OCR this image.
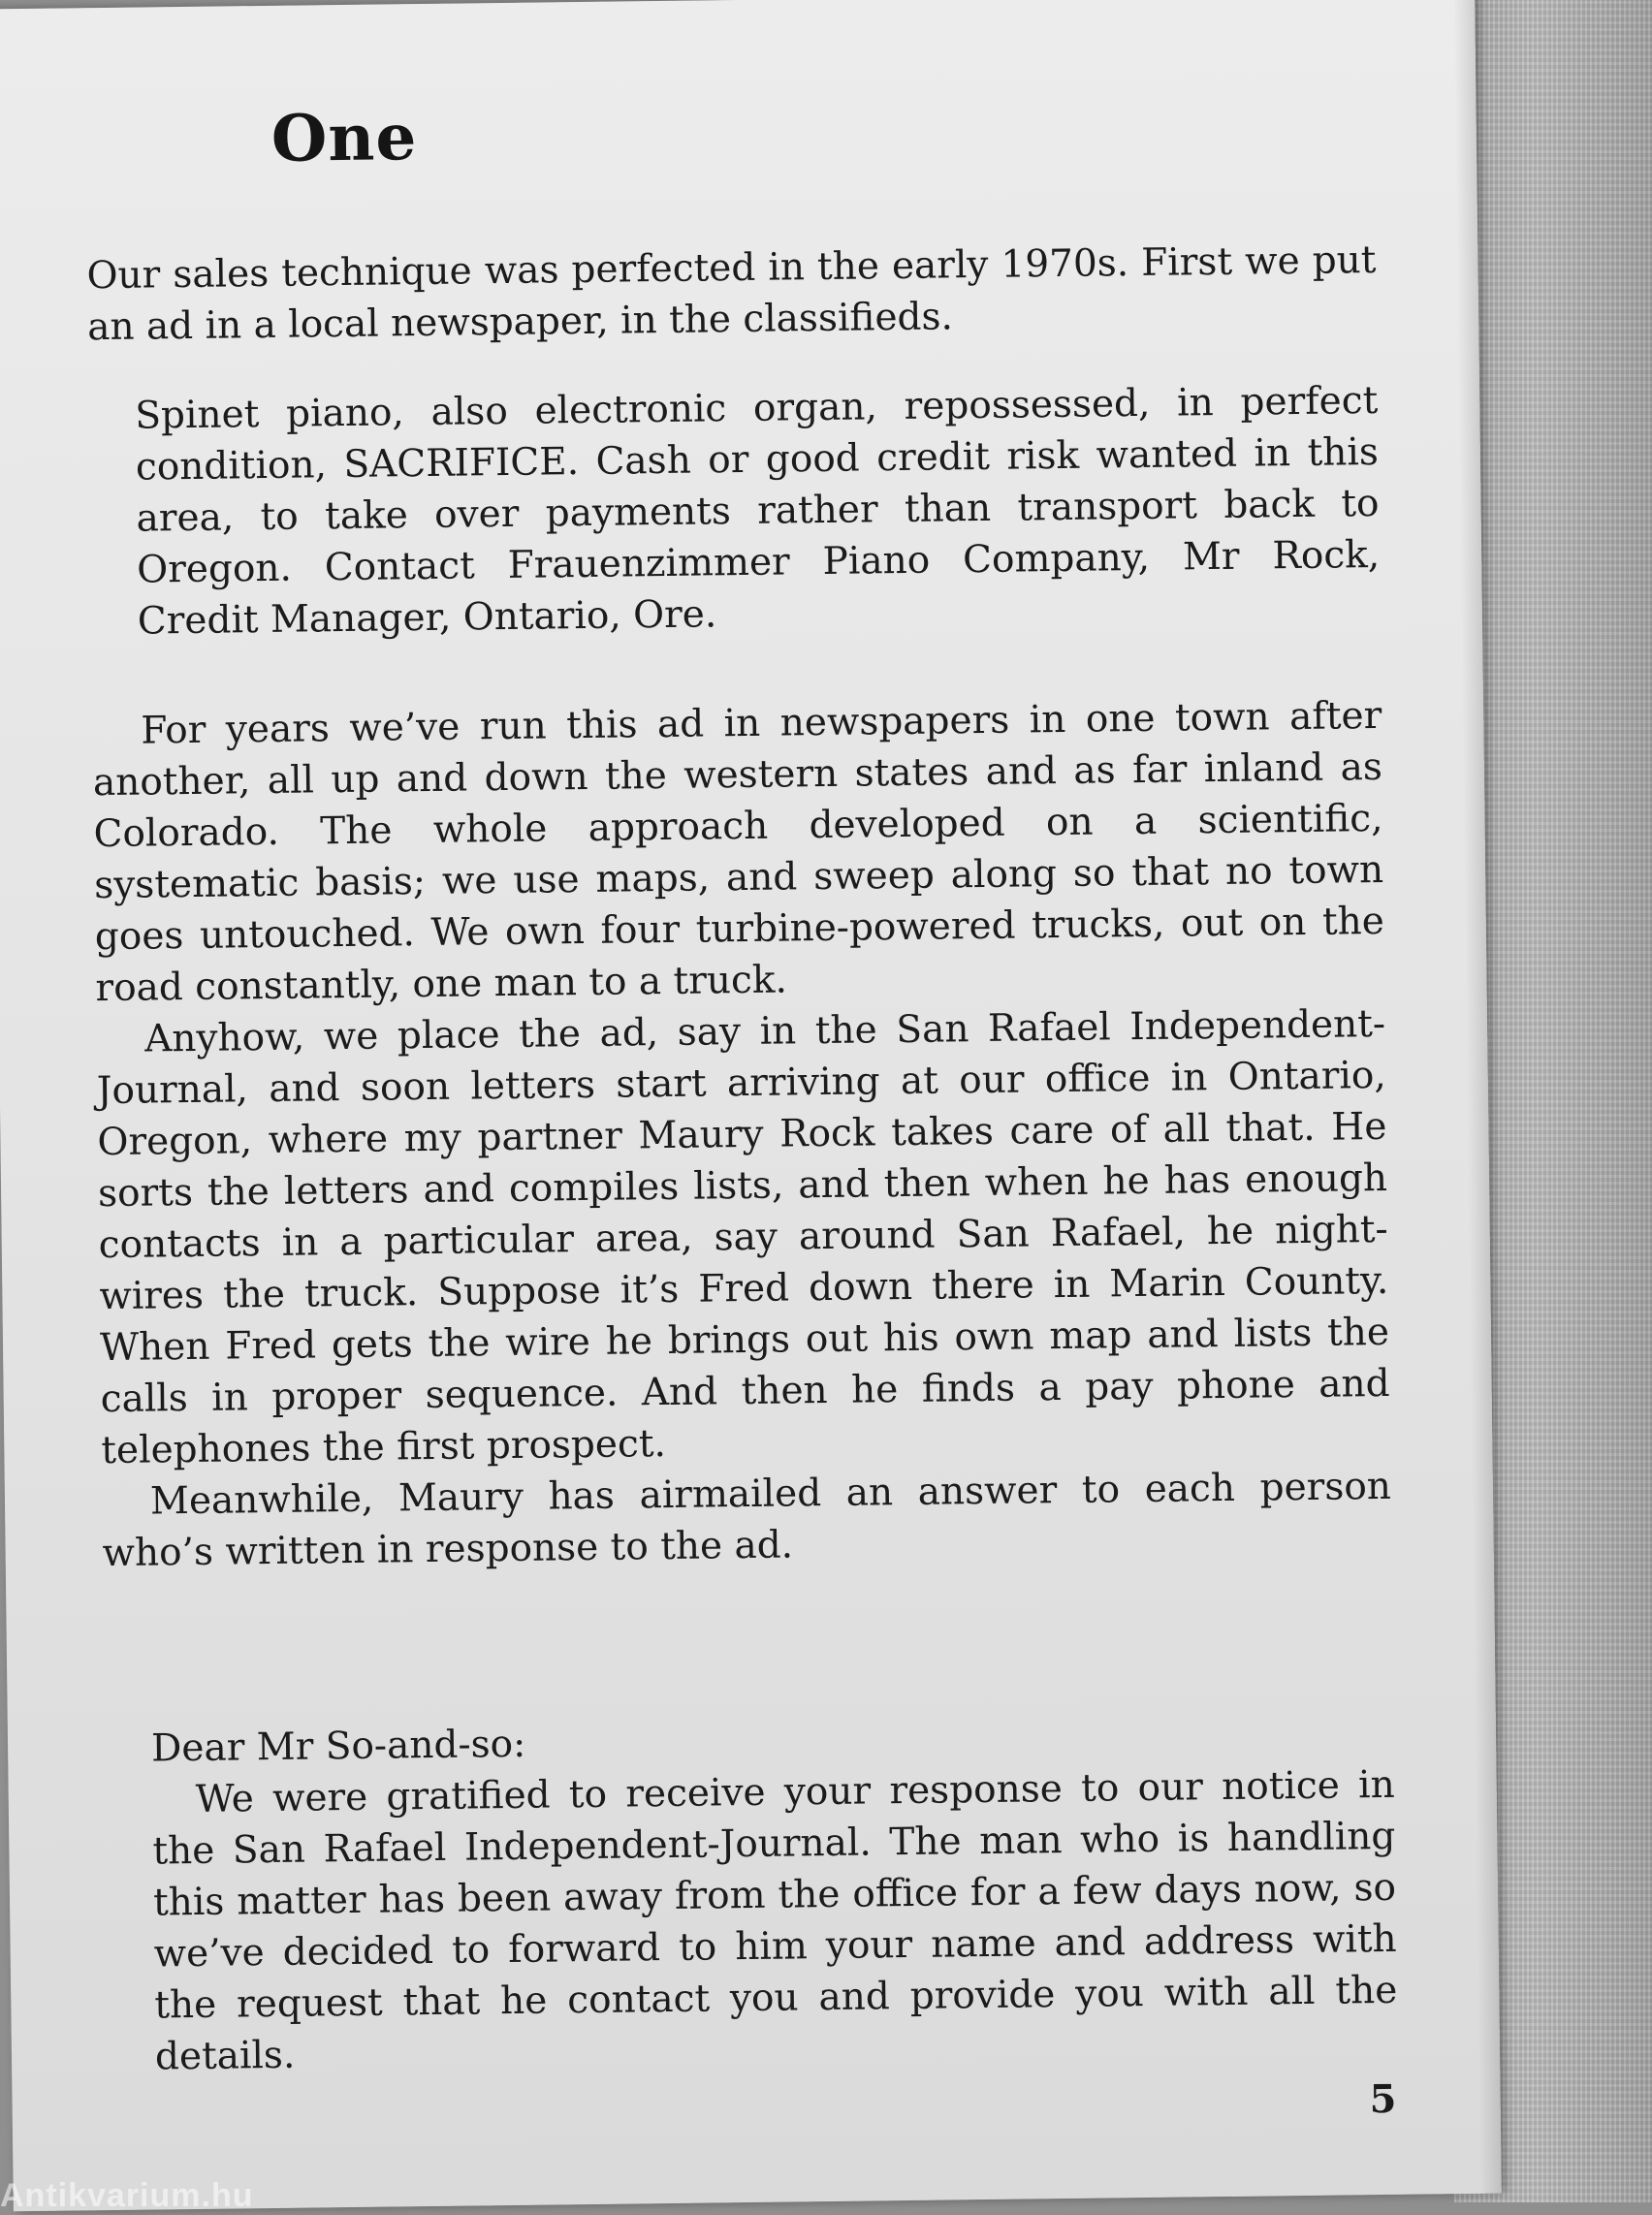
One

Our sales technique was perfected in the early 1970s. First we put an ad in a local newspaper, in the classifieds.

Spinet piano, also electronic organ, repossessed, in perfect condition, SACRIFICE. Cash or good credit risk wanted in this area, to take over payments rather than transport back to Oregon. Contact Frauenzimmer Piano Company, Mr Rock, Credit Manager, Ontario, Ore.

For years we’ve run this ad in newspapers in one town after another, all up and down the western states and as far inland as Colorado. The whole approach developed on a scientific, systematic basis; we use maps, and sweep along so that no town goes untouched. We own four turbine-powered trucks, out on the road constantly, one man to a truck.

Anyhow, we place the ad, say in the San Rafael Independent-Journal, and soon letters start arriving at our office in Ontario, Oregon, where my partner Maury Rock takes care of all that. He sorts the letters and compiles lists, and then when he has enough contacts in a particular area, say around San Rafael, he night-wires the truck. Suppose it’s Fred down there in Marin County. When Fred gets the wire he brings out his own map and lists the calls in proper sequence. And then he finds a pay phone and telephones the first prospect.

Meanwhile, Maury has airmailed an answer to each person who’s written in response to the ad.

Dear Mr So-and-so:

We were gratified to receive your response to our notice in the San Rafael Independent-Journal. The man who is handling this matter has been away from the office for a few days now, so we’ve decided to forward to him your name and address with the request that he contact you and provide you with all the details.

5
Antikvarium.hu
